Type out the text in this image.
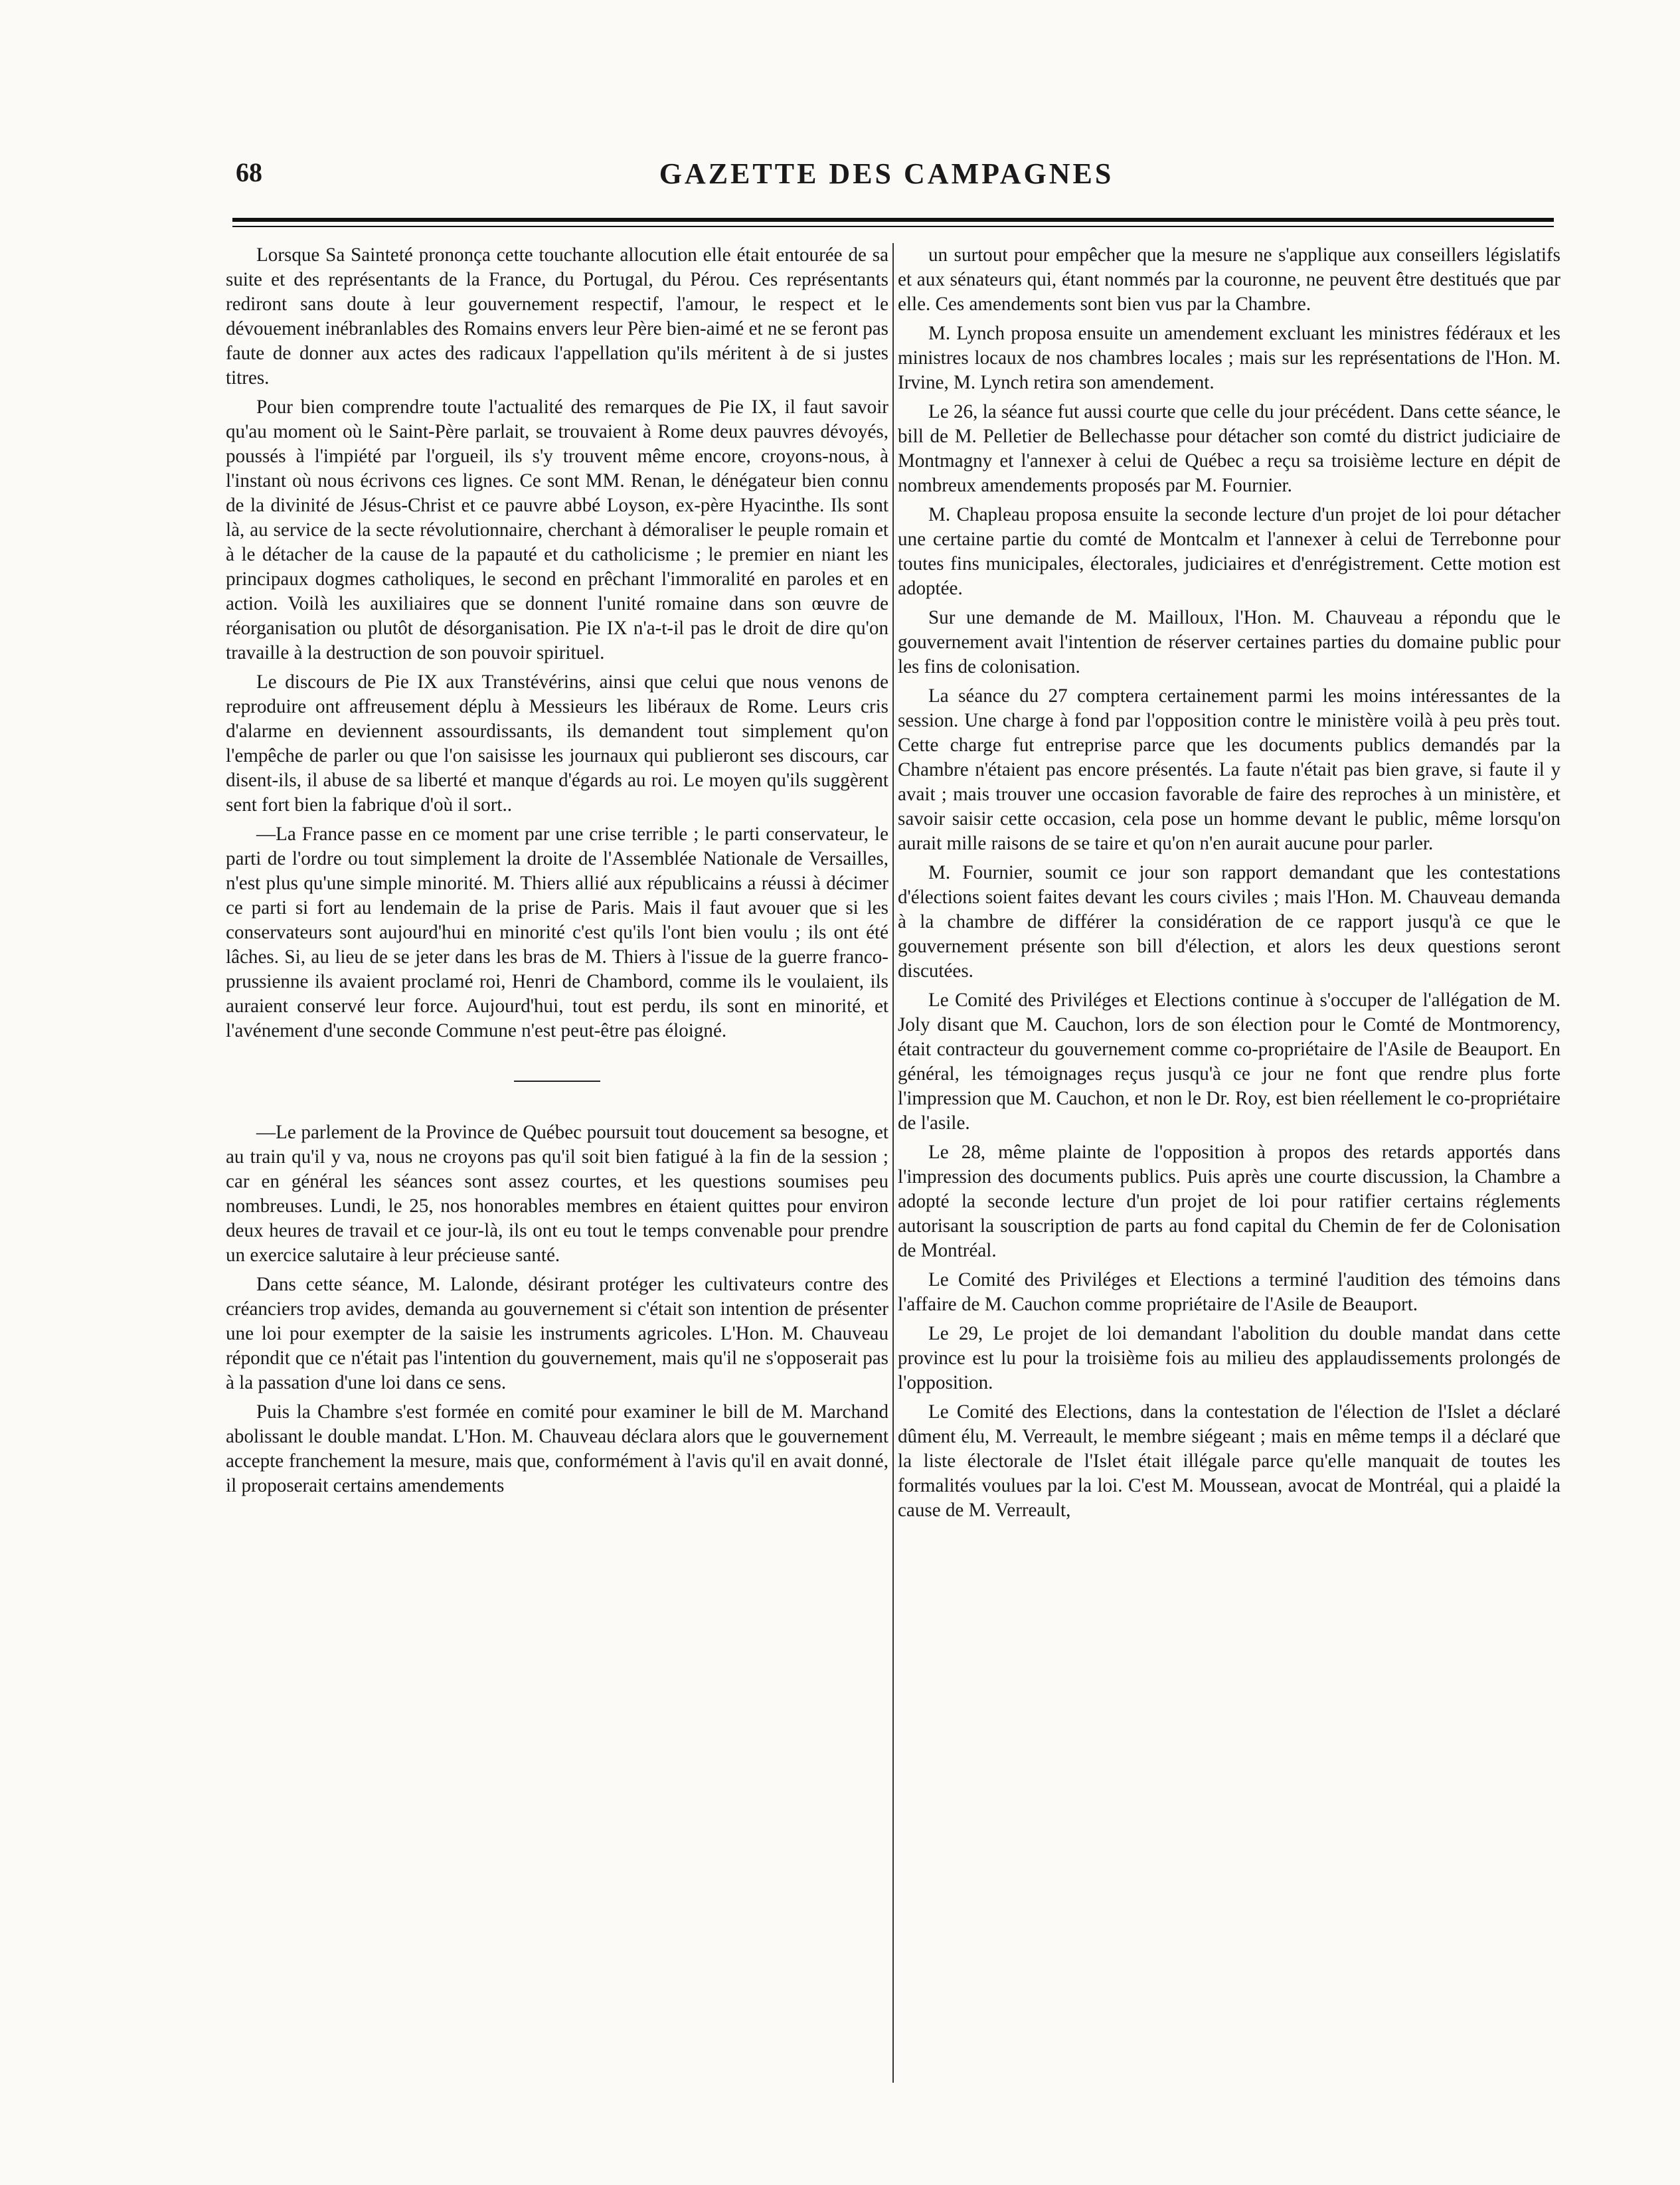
68	GAZETTE DES CAMPAGNES

Lorsque Sa Sainteté prononça cette touchante allocution elle était entourée de sa suite et des représentants de la France, du Portugal, du Pérou. Ces représentants rediront sans doute à leur gouvernement respectif, l'amour, le respect et le dévouement inébranlables des Romains envers leur Père bien-aimé et ne se feront pas faute de donner aux actes des radicaux l'appellation qu'ils méritent à de si justes titres.

Pour bien comprendre toute l'actualité des remarques de Pie IX, il faut savoir qu'au moment où le Saint-Père parlait, se trouvaient à Rome deux pauvres dévoyés, poussés à l'impiété par l'orgueil, ils s'y trouvent même encore, croyons-nous, à l'instant où nous écrivons ces lignes. Ce sont MM. Renan, le dénégateur bien connu de la divinité de Jésus-Christ et ce pauvre abbé Loyson, ex-père Hyacinthe. Ils sont là, au service de la secte révolutionnaire, cherchant à démoraliser le peuple romain et à le détacher de la cause de la papauté et du catholicisme ; le premier en niant les principaux dogmes catholiques, le second en prêchant l'immoralité en paroles et en action. Voilà les auxiliaires que se donnent l'unité romaine dans son œuvre de réorganisation ou plutôt de désorganisation. Pie IX n'a-t-il pas le droit de dire qu'on travaille à la destruction de son pouvoir spirituel.

Le discours de Pie IX aux Transtévérins, ainsi que celui que nous venons de reproduire ont affreusement déplu à Messieurs les libéraux de Rome. Leurs cris d'alarme en deviennent assourdissants, ils demandent tout simplement qu'on l'empêche de parler ou que l'on saisisse les journaux qui publieront ses discours, car disent-ils, il abuse de sa liberté et manque d'égards au roi. Le moyen qu'ils suggèrent sent fort bien la fabrique d'où il sort..

—La France passe en ce moment par une crise terrible ; le parti conservateur, le parti de l'ordre ou tout simplement la droite de l'Assemblée Nationale de Versailles, n'est plus qu'une simple minorité. M. Thiers allié aux républicains a réussi à décimer ce parti si fort au lendemain de la prise de Paris. Mais il faut avouer que si les conservateurs sont aujourd'hui en minorité c'est qu'ils l'ont bien voulu ; ils ont été lâches. Si, au lieu de se jeter dans les bras de M. Thiers à l'issue de la guerre franco-prussienne ils avaient proclamé roi, Henri de Chambord, comme ils le voulaient, ils auraient conservé leur force. Aujourd'hui, tout est perdu, ils sont en minorité, et l'avénement d'une seconde Commune n'est peut-être pas éloigné.

—Le parlement de la Province de Québec poursuit tout doucement sa besogne, et au train qu'il y va, nous ne croyons pas qu'il soit bien fatigué à la fin de la session ; car en général les séances sont assez courtes, et les questions soumises peu nombreuses. Lundi, le 25, nos honorables membres en étaient quittes pour environ deux heures de travail et ce jour-là, ils ont eu tout le temps convenable pour prendre un exercice salutaire à leur précieuse santé.

Dans cette séance, M. Lalonde, désirant protéger les cultivateurs contre des créanciers trop avides, demanda au gouvernement si c'était son intention de présenter une loi pour exempter de la saisie les instruments agricoles. L'Hon. M. Chauveau répondit que ce n'était pas l'intention du gouvernement, mais qu'il ne s'opposerait pas à la passation d'une loi dans ce sens.

Puis la Chambre s'est formée en comité pour examiner le bill de M. Marchand abolissant le double mandat. L'Hon. M. Chauveau déclara alors que le gouvernement accepte franchement la mesure, mais que, conformément à l'avis qu'il en avait donné, il proposerait certains amendements

un surtout pour empêcher que la mesure ne s'applique aux conseillers législatifs et aux sénateurs qui, étant nommés par la couronne, ne peuvent être destitués que par elle. Ces amendements sont bien vus par la Chambre.

M. Lynch proposa ensuite un amendement excluant les ministres fédéraux et les ministres locaux de nos chambres locales ; mais sur les représentations de l'Hon. M. Irvine, M. Lynch retira son amendement.

Le 26, la séance fut aussi courte que celle du jour précédent. Dans cette séance, le bill de M. Pelletier de Bellechasse pour détacher son comté du district judiciaire de Montmagny et l'annexer à celui de Québec a reçu sa troisième lecture en dépit de nombreux amendements proposés par M. Fournier.

M. Chapleau proposa ensuite la seconde lecture d'un projet de loi pour détacher une certaine partie du comté de Montcalm et l'annexer à celui de Terrebonne pour toutes fins municipales, électorales, judiciaires et d'enrégistrement. Cette motion est adoptée.

Sur une demande de M. Mailloux, l'Hon. M. Chauveau a répondu que le gouvernement avait l'intention de réserver certaines parties du domaine public pour les fins de colonisation.

La séance du 27 comptera certainement parmi les moins intéressantes de la session. Une charge à fond par l'opposition contre le ministère voilà à peu près tout. Cette charge fut entreprise parce que les documents publics demandés par la Chambre n'étaient pas encore présentés. La faute n'était pas bien grave, si faute il y avait ; mais trouver une occasion favorable de faire des reproches à un ministère, et savoir saisir cette occasion, cela pose un homme devant le public, même lorsqu'on aurait mille raisons de se taire et qu'on n'en aurait aucune pour parler.

M. Fournier, soumit ce jour son rapport demandant que les contestations d'élections soient faites devant les cours civiles ; mais l'Hon. M. Chauveau demanda à la chambre de différer la considération de ce rapport jusqu'à ce que le gouvernement présente son bill d'élection, et alors les deux questions seront discutées.

Le Comité des Priviléges et Elections continue à s'occuper de l'allégation de M. Joly disant que M. Cauchon, lors de son élection pour le Comté de Montmorency, était contracteur du gouvernement comme co-propriétaire de l'Asile de Beauport. En général, les témoignages reçus jusqu'à ce jour ne font que rendre plus forte l'impression que M. Cauchon, et non le Dr. Roy, est bien réellement le co-propriétaire de l'asile.

Le 28, même plainte de l'opposition à propos des retards apportés dans l'impression des documents publics. Puis après une courte discussion, la Chambre a adopté la seconde lecture d'un projet de loi pour ratifier certains réglements autorisant la souscription de parts au fond capital du Chemin de fer de Colonisation de Montréal.

Le Comité des Priviléges et Elections a terminé l'audition des témoins dans l'affaire de M. Cauchon comme propriétaire de l'Asile de Beauport.

Le 29, Le projet de loi demandant l'abolition du double mandat dans cette province est lu pour la troisième fois au milieu des applaudissements prolongés de l'opposition.

Le Comité des Elections, dans la contestation de l'élection de l'Islet a déclaré dûment élu, M. Verreault, le membre siégeant ; mais en même temps il a déclaré que la liste électorale de l'Islet était illégale parce qu'elle manquait de toutes les formalités voulues par la loi. C'est M. Moussean, avocat de Montréal, qui a plaidé la cause de M. Verreault,
